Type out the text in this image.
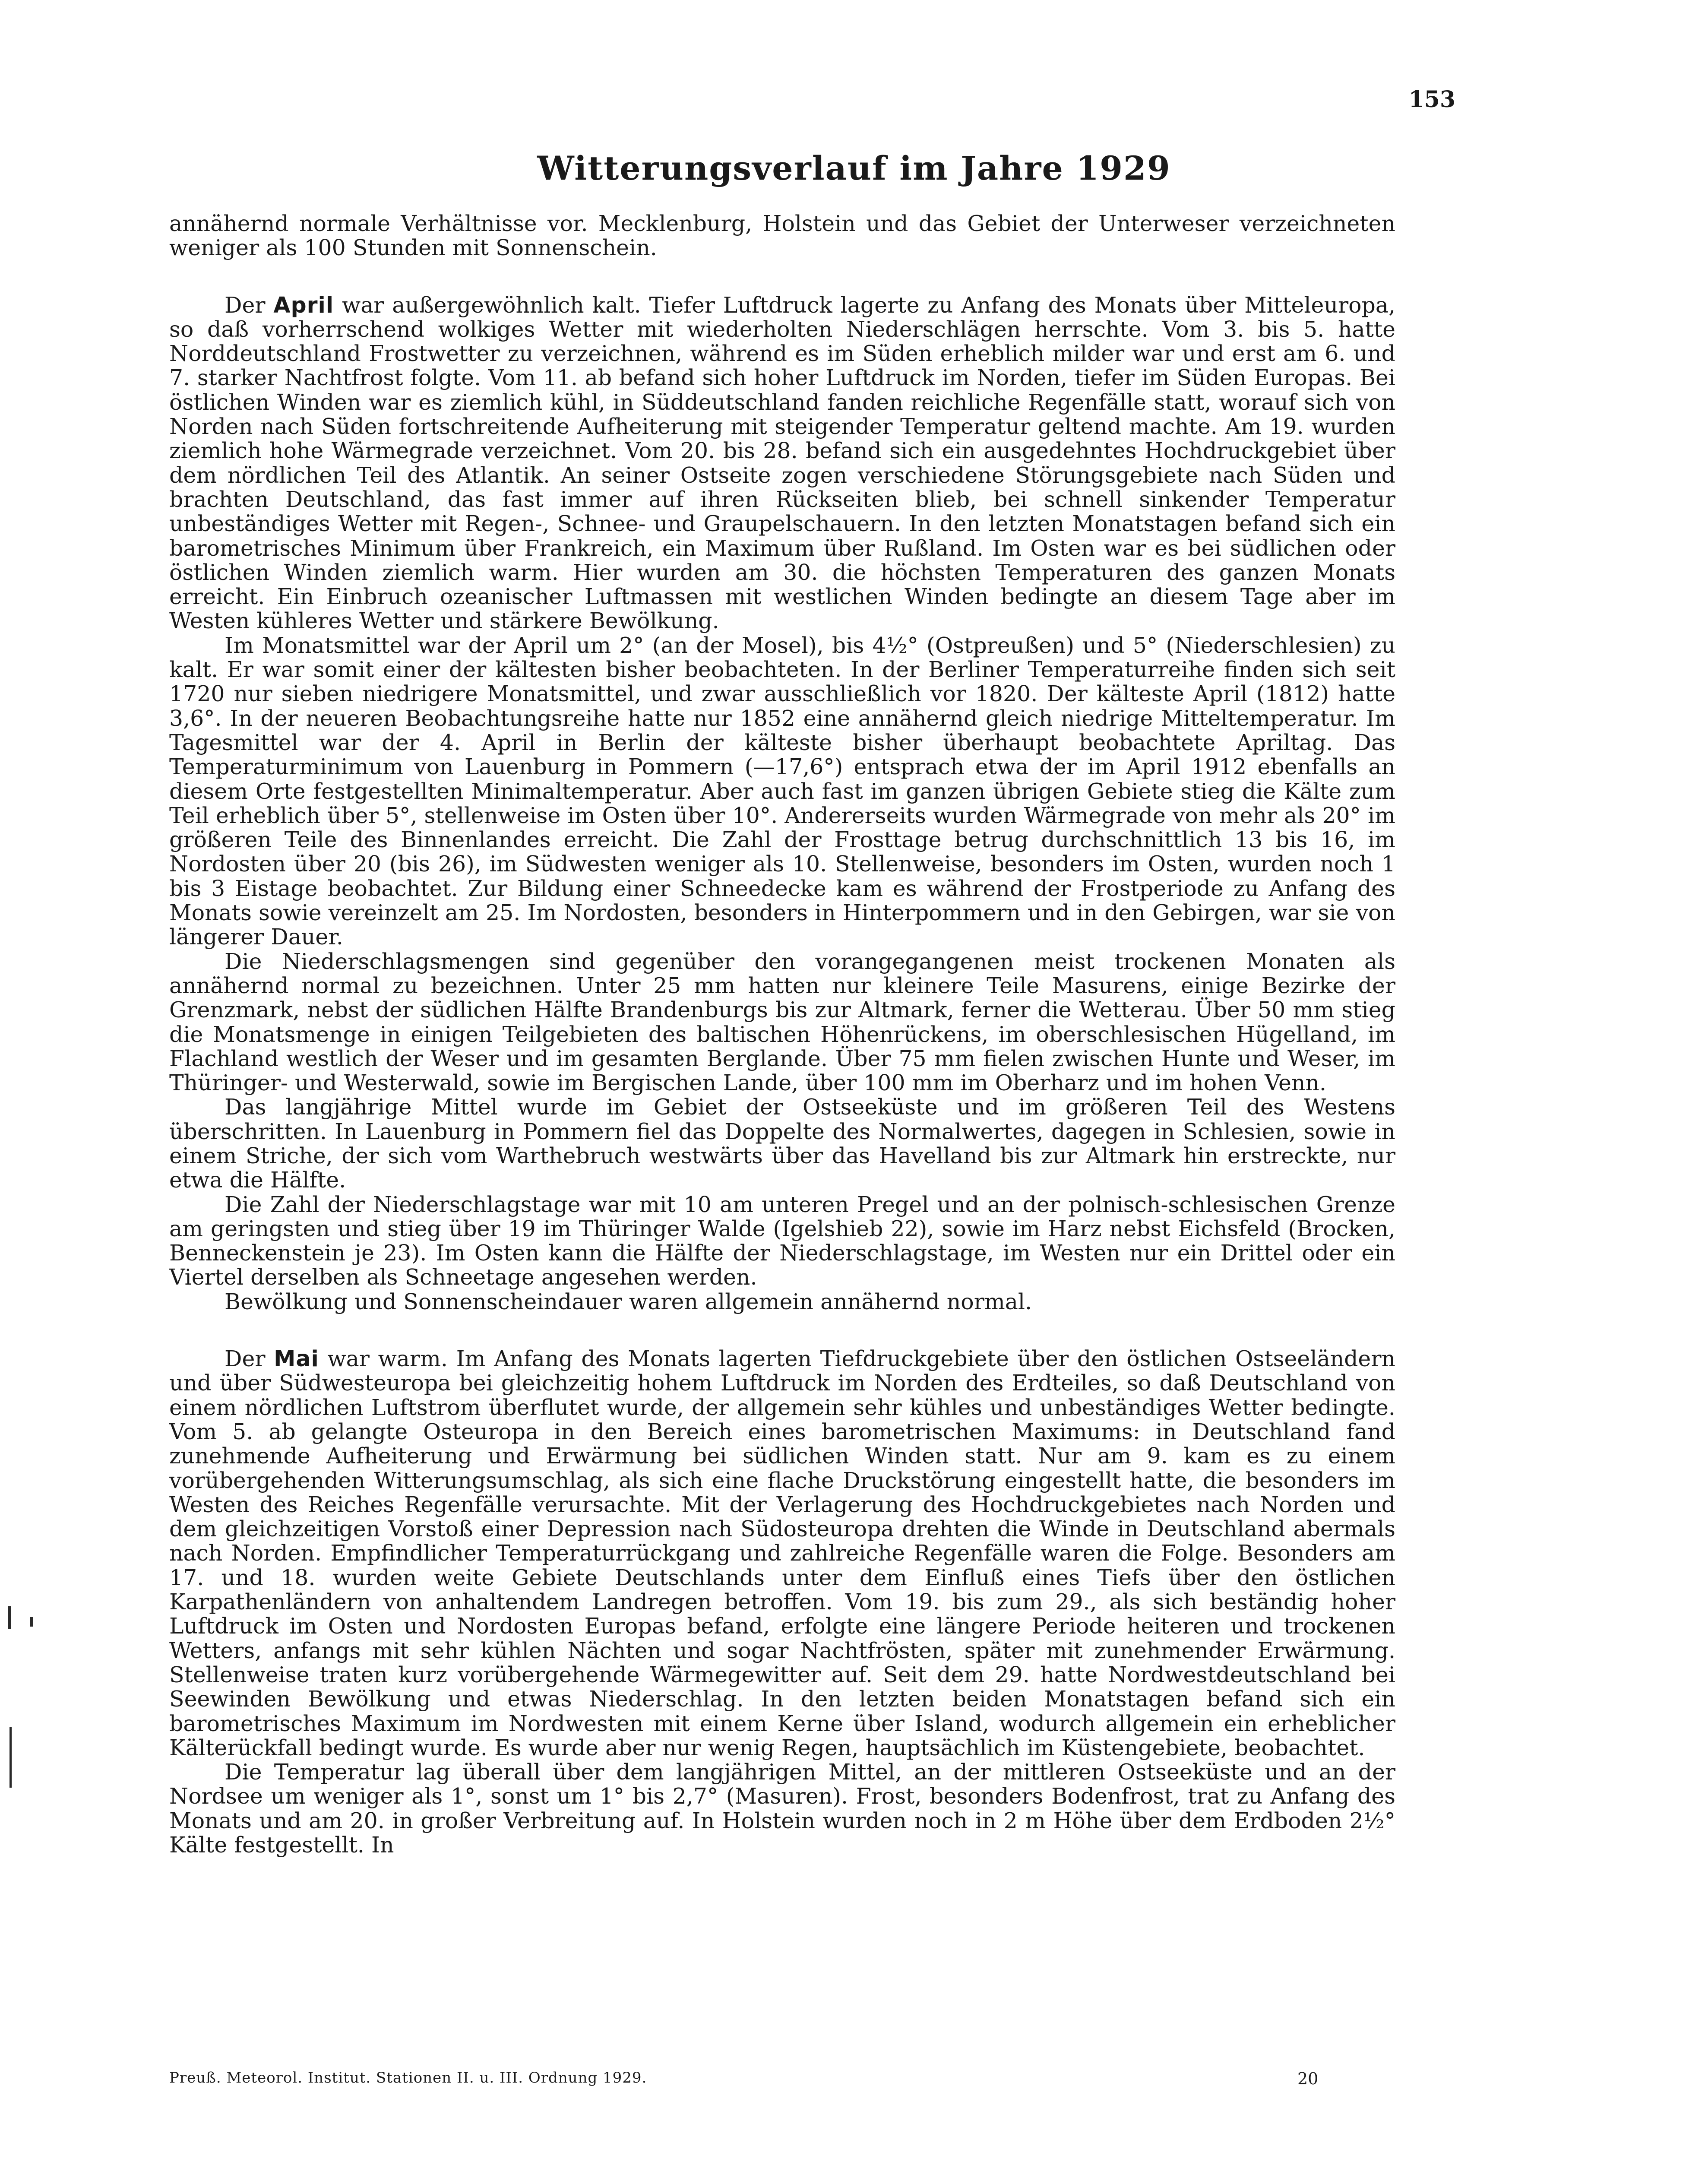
153
Witterungsverlauf im Jahre 1929

annähernd normale Verhältnisse vor. Mecklenburg, Holstein und das Gebiet der Unterweser verzeichneten weniger als 100 Stunden mit Sonnenschein.

Der April war außergewöhnlich kalt. Tiefer Luftdruck lagerte zu Anfang des Monats über Mitteleuropa, so daß vorherrschend wolkiges Wetter mit wiederholten Niederschlägen herrschte. Vom 3. bis 5. hatte Norddeutschland Frostwetter zu verzeichnen, während es im Süden erheblich milder war und erst am 6. und 7. starker Nachtfrost folgte. Vom 11. ab befand sich hoher Luftdruck im Norden, tiefer im Süden Europas. Bei östlichen Winden war es ziemlich kühl, in Süddeutschland fanden reichliche Regenfälle statt, worauf sich von Norden nach Süden fortschreitende Aufheiterung mit steigender Temperatur geltend machte. Am 19. wurden ziemlich hohe Wärmegrade verzeichnet. Vom 20. bis 28. befand sich ein ausgedehntes Hochdruckgebiet über dem nördlichen Teil des Atlantik. An seiner Ostseite zogen verschiedene Störungsgebiete nach Süden und brachten Deutschland, das fast immer auf ihren Rückseiten blieb, bei schnell sinkender Temperatur unbeständiges Wetter mit Regen-, Schnee- und Graupelschauern. In den letzten Monatstagen befand sich ein barometrisches Minimum über Frankreich, ein Maximum über Rußland. Im Osten war es bei südlichen oder östlichen Winden ziemlich warm. Hier wurden am 30. die höchsten Temperaturen des ganzen Monats erreicht. Ein Einbruch ozeanischer Luftmassen mit westlichen Winden bedingte an diesem Tage aber im Westen kühleres Wetter und stärkere Bewölkung.

Im Monatsmittel war der April um 2° (an der Mosel), bis 4½° (Ostpreußen) und 5° (Niederschlesien) zu kalt. Er war somit einer der kältesten bisher beobachteten. In der Berliner Temperaturreihe finden sich seit 1720 nur sieben niedrigere Monatsmittel, und zwar ausschließlich vor 1820. Der kälteste April (1812) hatte 3,6°. In der neueren Beobachtungsreihe hatte nur 1852 eine annähernd gleich niedrige Mitteltemperatur. Im Tagesmittel war der 4. April in Berlin der kälteste bisher überhaupt beobachtete Apriltag. Das Temperaturminimum von Lauenburg in Pommern (—17,6°) entsprach etwa der im April 1912 ebenfalls an diesem Orte festgestellten Minimaltemperatur. Aber auch fast im ganzen übrigen Gebiete stieg die Kälte zum Teil erheblich über 5°, stellenweise im Osten über 10°. Andererseits wurden Wärmegrade von mehr als 20° im größeren Teile des Binnenlandes erreicht. Die Zahl der Frosttage betrug durchschnittlich 13 bis 16, im Nordosten über 20 (bis 26), im Südwesten weniger als 10. Stellenweise, besonders im Osten, wurden noch 1 bis 3 Eistage beobachtet. Zur Bildung einer Schneedecke kam es während der Frostperiode zu Anfang des Monats sowie vereinzelt am 25. Im Nordosten, besonders in Hinterpommern und in den Gebirgen, war sie von längerer Dauer.

Die Niederschlagsmengen sind gegenüber den vorangegangenen meist trockenen Monaten als annähernd normal zu bezeichnen. Unter 25 mm hatten nur kleinere Teile Masurens, einige Bezirke der Grenzmark, nebst der südlichen Hälfte Brandenburgs bis zur Altmark, ferner die Wetterau. Über 50 mm stieg die Monatsmenge in einigen Teilgebieten des baltischen Höhenrückens, im oberschlesischen Hügelland, im Flachland westlich der Weser und im gesamten Berglande. Über 75 mm fielen zwischen Hunte und Weser, im Thüringer- und Westerwald, sowie im Bergischen Lande, über 100 mm im Oberharz und im hohen Venn.

Das langjährige Mittel wurde im Gebiet der Ostseeküste und im größeren Teil des Westens überschritten. In Lauenburg in Pommern fiel das Doppelte des Normalwertes, dagegen in Schlesien, sowie in einem Striche, der sich vom Warthebruch westwärts über das Havelland bis zur Altmark hin erstreckte, nur etwa die Hälfte.

Die Zahl der Niederschlagstage war mit 10 am unteren Pregel und an der polnisch-schlesischen Grenze am geringsten und stieg über 19 im Thüringer Walde (Igelshieb 22), sowie im Harz nebst Eichsfeld (Brocken, Benneckenstein je 23). Im Osten kann die Hälfte der Niederschlagstage, im Westen nur ein Drittel oder ein Viertel derselben als Schneetage angesehen werden.

Bewölkung und Sonnenscheindauer waren allgemein annähernd normal.

Der Mai war warm. Im Anfang des Monats lagerten Tiefdruckgebiete über den östlichen Ostseeländern und über Südwesteuropa bei gleichzeitig hohem Luftdruck im Norden des Erdteiles, so daß Deutschland von einem nördlichen Luftstrom überflutet wurde, der allgemein sehr kühles und unbeständiges Wetter bedingte. Vom 5. ab gelangte Osteuropa in den Bereich eines barometrischen Maximums: in Deutschland fand zunehmende Aufheiterung und Erwärmung bei südlichen Winden statt. Nur am 9. kam es zu einem vorübergehenden Witterungsumschlag, als sich eine flache Druckstörung eingestellt hatte, die besonders im Westen des Reiches Regenfälle verursachte. Mit der Verlagerung des Hochdruckgebietes nach Norden und dem gleichzeitigen Vorstoß einer Depression nach Südosteuropa drehten die Winde in Deutschland abermals nach Norden. Empfindlicher Temperaturrückgang und zahlreiche Regenfälle waren die Folge. Besonders am 17. und 18. wurden weite Gebiete Deutschlands unter dem Einfluß eines Tiefs über den östlichen Karpathenländern von anhaltendem Landregen betroffen. Vom 19. bis zum 29., als sich beständig hoher Luftdruck im Osten und Nordosten Europas befand, erfolgte eine längere Periode heiteren und trockenen Wetters, anfangs mit sehr kühlen Nächten und sogar Nachtfrösten, später mit zunehmender Erwärmung. Stellenweise traten kurz vorübergehende Wärmegewitter auf. Seit dem 29. hatte Nordwestdeutschland bei Seewinden Bewölkung und etwas Niederschlag. In den letzten beiden Monatstagen befand sich ein barometrisches Maximum im Nordwesten mit einem Kerne über Island, wodurch allgemein ein erheblicher Kälterückfall bedingt wurde. Es wurde aber nur wenig Regen, hauptsächlich im Küstengebiete, beobachtet.

Die Temperatur lag überall über dem langjährigen Mittel, an der mittleren Ostseeküste und an der Nordsee um weniger als 1°, sonst um 1° bis 2,7° (Masuren). Frost, besonders Bodenfrost, trat zu Anfang des Monats und am 20. in großer Verbreitung auf. In Holstein wurden noch in 2 m Höhe über dem Erdboden 2½° Kälte festgestellt. In

Preuß. Meteorol. Institut. Stationen II. u. III. Ordnung 1929.	20
